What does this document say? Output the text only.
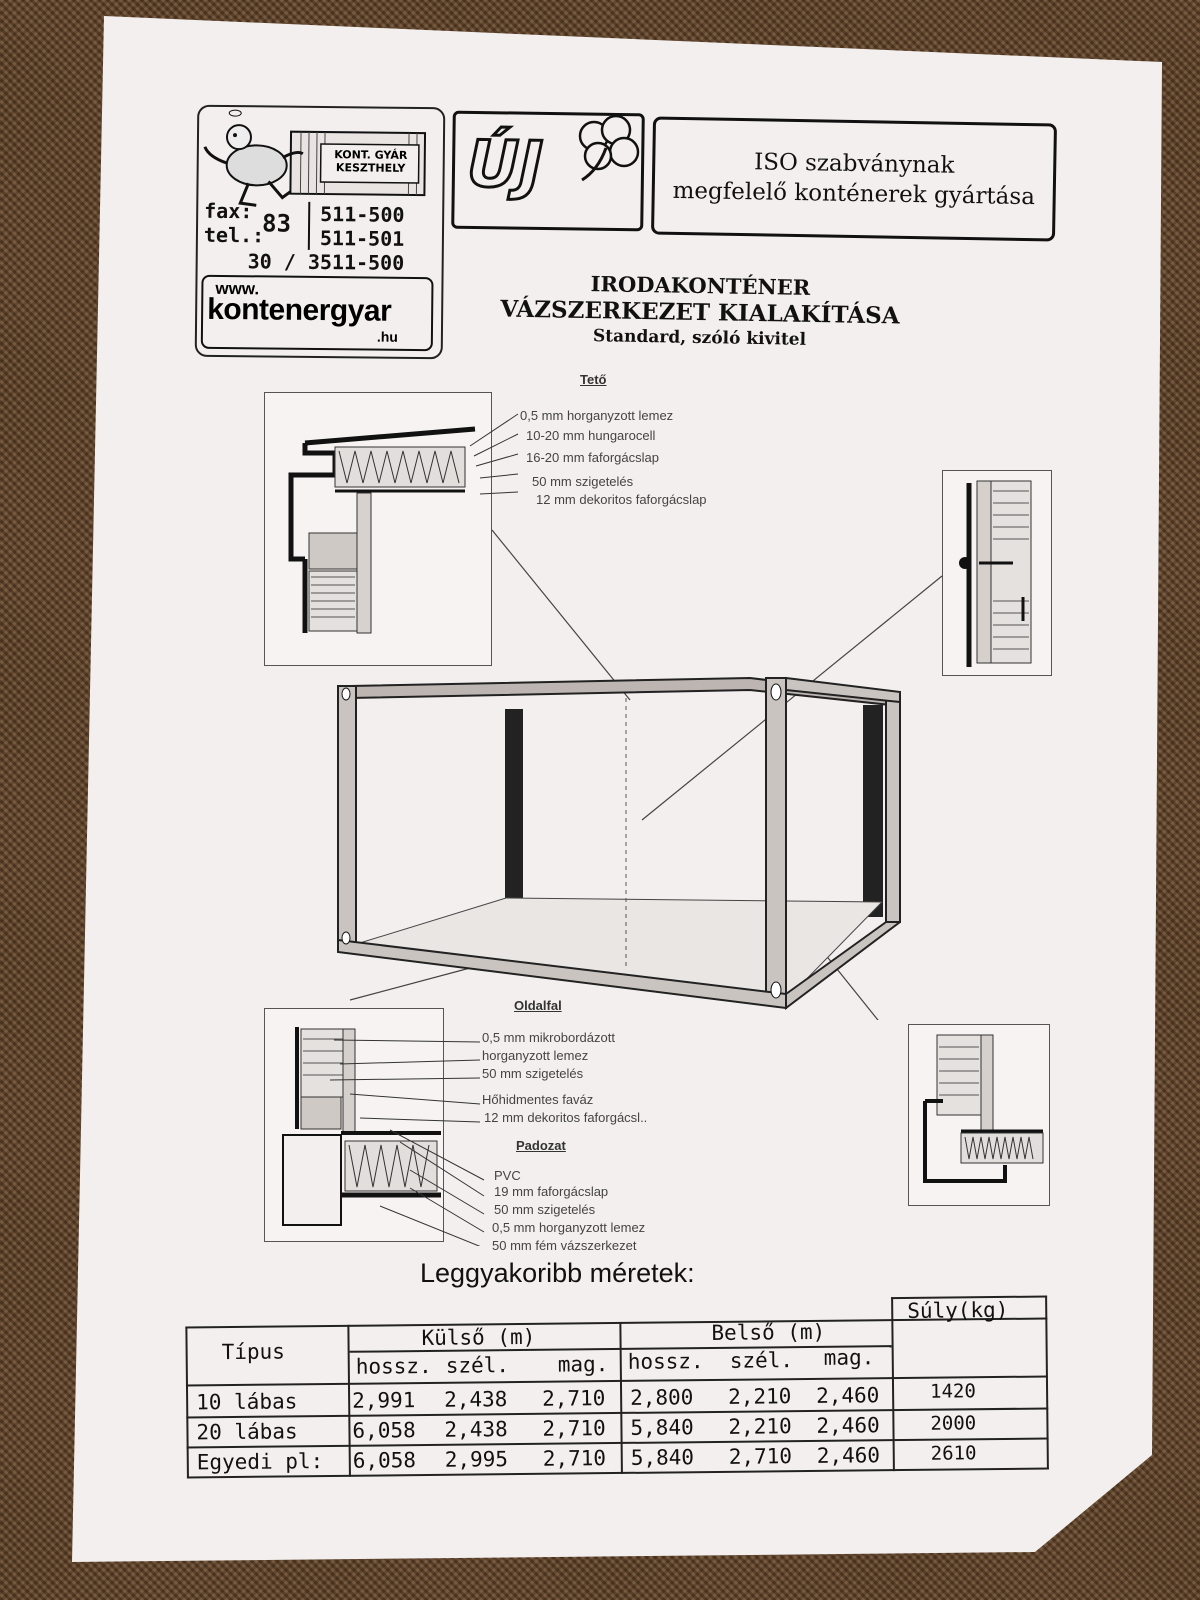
KONT. GYÁR
KESZTHELY
fax:
tel.:
83 511-500
511-501
30 / 3511-500
www.
kontenergyar
.hu
ÚJ	ISO szabványnak
megfelelő konténerek gyártása
IRODAKONTÉNER
VÁZSZERKEZET KIALAKÍTÁSA
Standard, szóló kivitel
Tető
0,5 mm horganyzott lemez
10-20 mm hungarocell
16-20 mm faforgácslap
50 mm szigetelés
12 mm dekoritos faforgácslap
Oldalfal
0,5 mm mikrobordázott
horganyzott lemez
50 mm szigetelés
Hőhidmentes faváz
12 mm dekoritos faforgácsl..
Padozat
PVC
19 mm faforgácslap
50 mm szigetelés
0,5 mm horganyzott lemez
50 mm fém vázszerkezet
Leggyakoribb méretek:
Típus
Külső (m)	Belső (m)
Súly(kg)
hossz. szél. mag. hossz. szél. mag.
10 lábas	2,991 2,438 2,710 2,800 2,210 2,460	1420
20 lábas	6,058 2,438 2,710 5,840 2,210 2,460	2000
Egyedi pl: 6,058 2,995 2,710 5,840 2,710 2,460	2610
